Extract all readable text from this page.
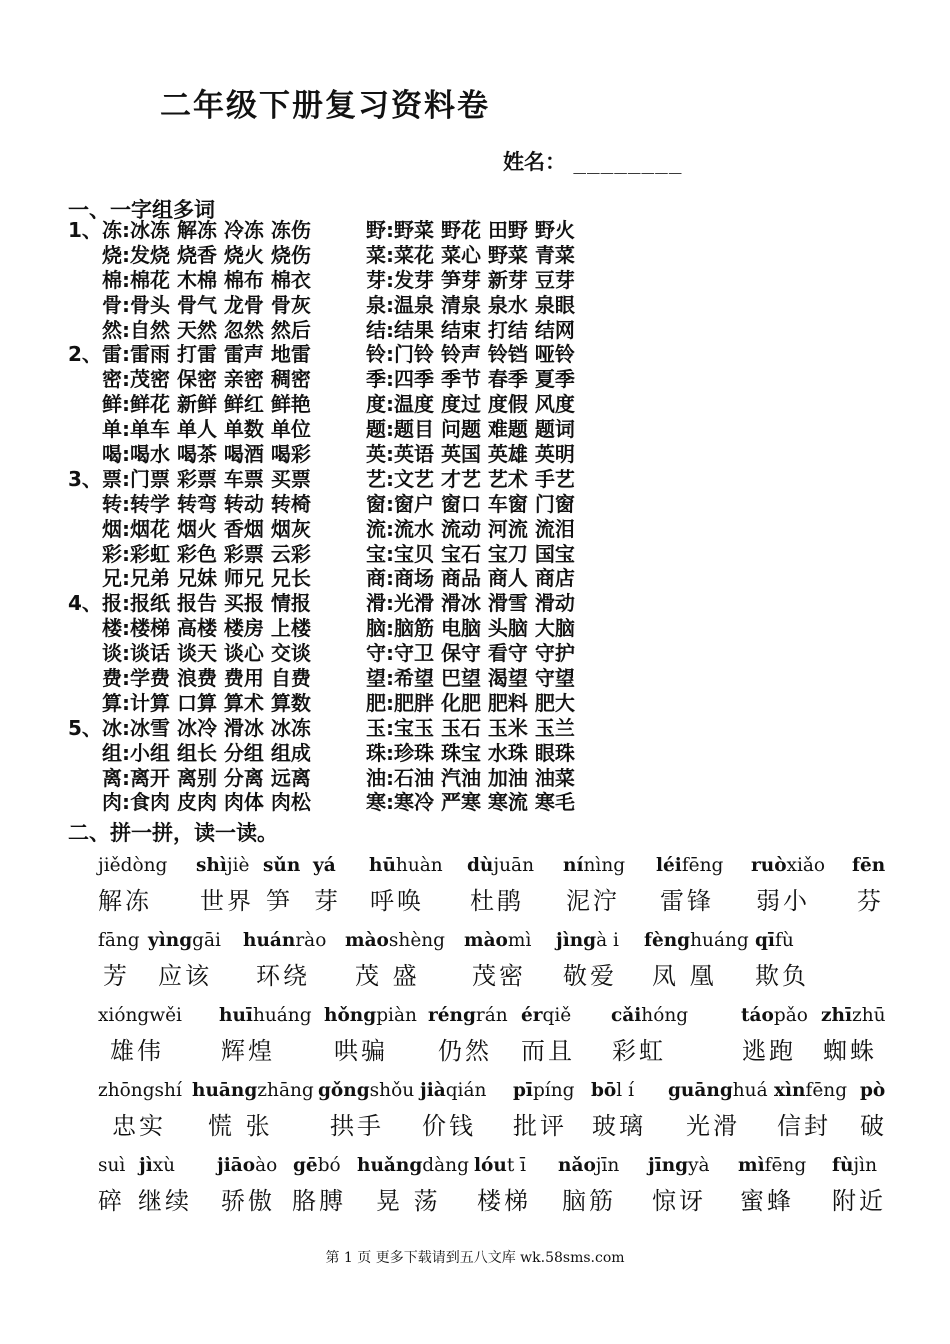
二年级下册复习资料卷
姓名： ________
一、一字组多词
1、 冻:冰冻 解冻 冷冻 冻伤	野:野菜 野花 田野 野火
烧:发烧 烧香 烧火 烧伤	菜:菜花 菜心 野菜 青菜
棉:棉花 木棉 棉布 棉衣	芽:发芽 笋芽 新芽 豆芽
骨:骨头 骨气 龙骨 骨灰	泉:温泉 清泉 泉水 泉眼
然:自然 天然 忽然 然后	结:结果 结束 打结 结网
2、 雷:雷雨 打雷 雷声 地雷	铃:门铃 铃声 铃铛 哑铃
密:茂密 保密 亲密 稠密	季:四季 季节 春季 夏季
鲜:鲜花 新鲜 鲜红 鲜艳	度:温度 度过 度假 风度
单:单车 单人 单数 单位	题:题目 问题 难题 题词
喝:喝水 喝茶 喝酒 喝彩	英:英语 英国 英雄 英明
3、 票:门票 彩票 车票 买票	艺:文艺 才艺 艺术 手艺
转:转学 转弯 转动 转椅	窗:窗户 窗口 车窗 门窗
烟:烟花 烟火 香烟 烟灰	流:流水 流动 河流 流泪
彩:彩虹 彩色 彩票 云彩	宝:宝贝 宝石 宝刀 国宝
兄:兄弟 兄妹 师兄 兄长	商:商场 商品 商人 商店
4、 报:报纸 报告 买报 情报	滑:光滑 滑冰 滑雪 滑动
楼:楼梯 高楼 楼房 上楼	脑:脑筋 电脑 头脑 大脑
谈:谈话 谈天 谈心 交谈	守:守卫 保守 看守 守护
费:学费 浪费 费用 自费	望:希望 巴望 渴望 守望
算:计算 口算 算术 算数	肥:肥胖 化肥 肥料 肥大
5、 冰:冰雪 冰冷 滑冰 冰冻	玉:宝玉 玉石 玉米 玉兰
组:小组 组长 分组 组成	珠:珍珠 珠宝 水珠 眼珠
离:离开 离别 分离 远离	油:石油 汽油 加油 油菜
肉:食肉 皮肉 肉体 肉松	寒:寒冷 严寒 寒流 寒毛
二、拼一拼，读一读。
jiědòng shìjiè sǔn yá hūhuàn dùjuān nínìng léifēng ruòxiǎo fēn
解冻 世界 笋 芽 呼唤 杜鹃 泥泞 雷锋 弱小 芬
fāng yìnggāi huánrào màoshèng màomì jìngà i fènghuáng qīfù
芳 应该 环绕 茂 盛 茂密 敬爱 凤 凰 欺负
xióngwěi huīhuáng hǒngpiàn réngrán érqiě cǎihóng	táopǎo zhīzhū
雄伟 辉煌 哄骗 仍然 而且 彩虹	逃跑 蜘蛛
zhōngshí huāngzhāng gǒngshǒu jiàqián pīpíng bōl í guānghuá xìnfēng pò
忠实 慌 张 拱手 价钱 批评 玻璃 光滑 信封 破
suì jìxù jiāoào gēbó huǎngdàng lóut ī nǎojīn jīngyà mìfēng fùjìn
碎 继续 骄傲 胳膊 晃 荡 楼梯 脑筋 惊讶 蜜蜂 附近
第 1 页 更多下载请到五八文库 wk.58sms.com
